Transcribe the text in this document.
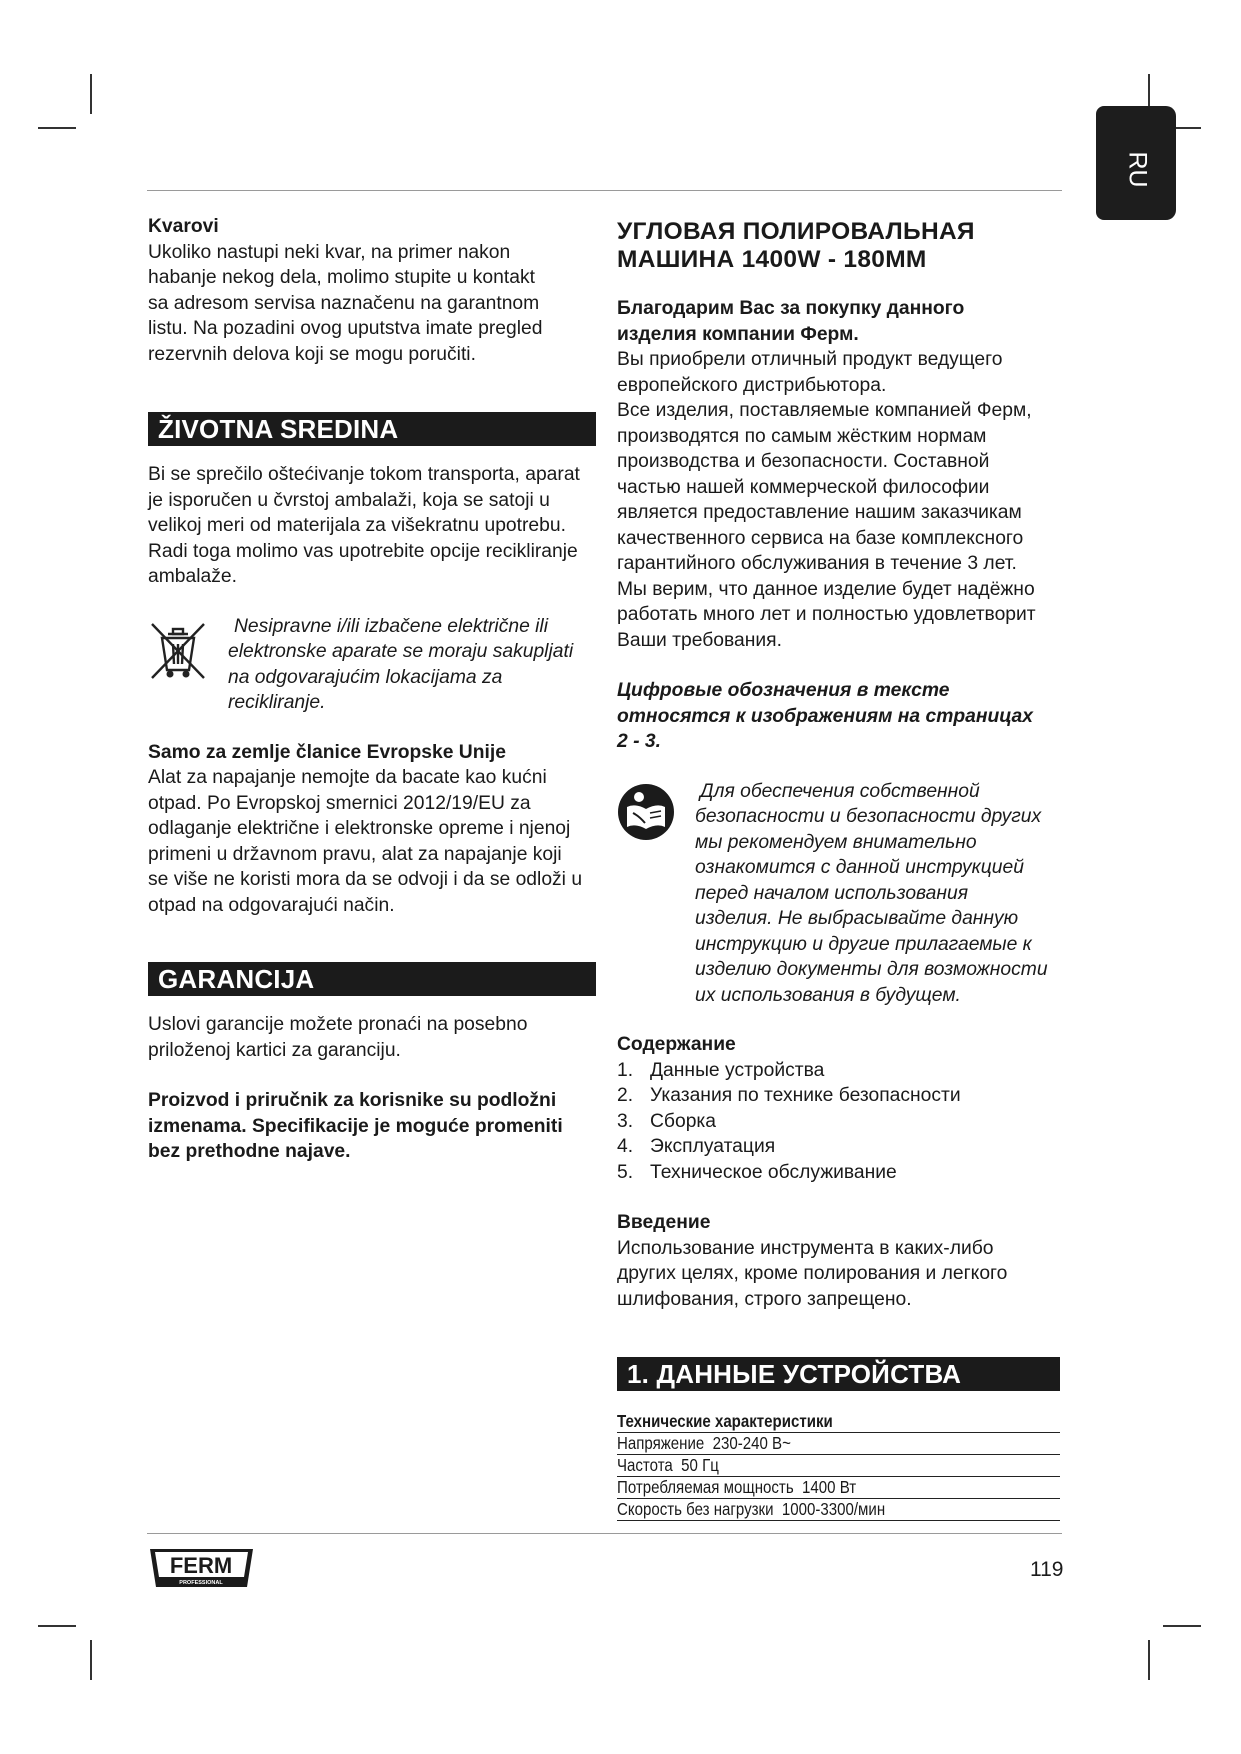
RU

Kvarovi

Ukoliko nastupi neki kvar, na primer nakon

habanje nekog dela, molimo stupite u kontakt

sa adresom servisa naznačenu na garantnom

listu. Na pozadini ovog uputstva imate pregled

rezervnih delova koji se mogu poručiti.

ŽIVOTNA SREDINA

Bi se sprečilo oštećivanje tokom transporta, aparat

je isporučen u čvrstoj ambalaži, koja se satoji u

velikoj meri od materijala za višekratnu upotrebu.

Radi toga molimo vas upotrebite opcije recikliranje

ambalaže.

Nesipravne i/ili izbačene električne ili

elektronske aparate se moraju sakupljati

na odgovarajućim lokacijama za

recikliranje.

Samo za zemlje članice Evropske Unije

Alat za napajanje nemojte da bacate kao kućni

otpad. Po Evropskoj smernici 2012/19/EU za

odlaganje električne i elektronske opreme i njenoj

primeni u državnom pravu, alat za napajanje koji

se više ne koristi mora da se odvoji i da se odloži u

otpad na odgovarajući način.

GARANCIJA

Uslovi garancije možete pronaći na posebno

priloženoj kartici za garanciju.

Proizvod i priručnik za korisnike su podložni

izmenama. Specifikacije je moguće promeniti

bez prethodne najave.

УГЛОВАЯ ПОЛИРОВАЛЬНАЯ
МАШИНА 1400W - 180MM

Благодарим Вас за покупку данного

изделия компании Ферм.

Вы приобрели отличный продукт ведущего

европейского дистрибьютора.

Все изделия, поставляемые компанией Ферм,

производятся по самым жёстким нормам

производства и безопасности. Составной

частью нашей коммерческой философии

является предоставление нашим заказчикам

качественного сервиса на базе комплексного

гарантийного обслуживания в течение 3 лет.

Мы верим, что данное изделие будет надёжно

работать много лет и полностью удовлетворит

Ваши требования.

Цифровые обозначения в тексте

относятся к изображениям на страницах

2 - 3.

Для обеспечения собственной

безопасности и безопасности других

мы рекомендуем внимательно

ознакомится с данной инструкцией

перед началом использования

изделия. Не выбрасывайте данную

инструкцию и другие прилагаемые к

изделию документы для возможности

их использования в будущем.

Содержание

1. Данные устройства
2. Указания по технике безопасности
3. Сборка
4. Эксплуатация
5. Техническое обслуживание

Введение

Использование инструмента в каких-либо

других целях, кроме полирования и легкого

шлифования, строго запрещено.

1. ДАННЫЕ УСТРОЙСТВА
Технические характеристики
Напряжение 230-240 В~
Частота 50 Гц
Потребляемая мощность 1400 Вт
Скорость без нагрузки 1000-3300/мин
FERM
PROFESSIONAL
119
